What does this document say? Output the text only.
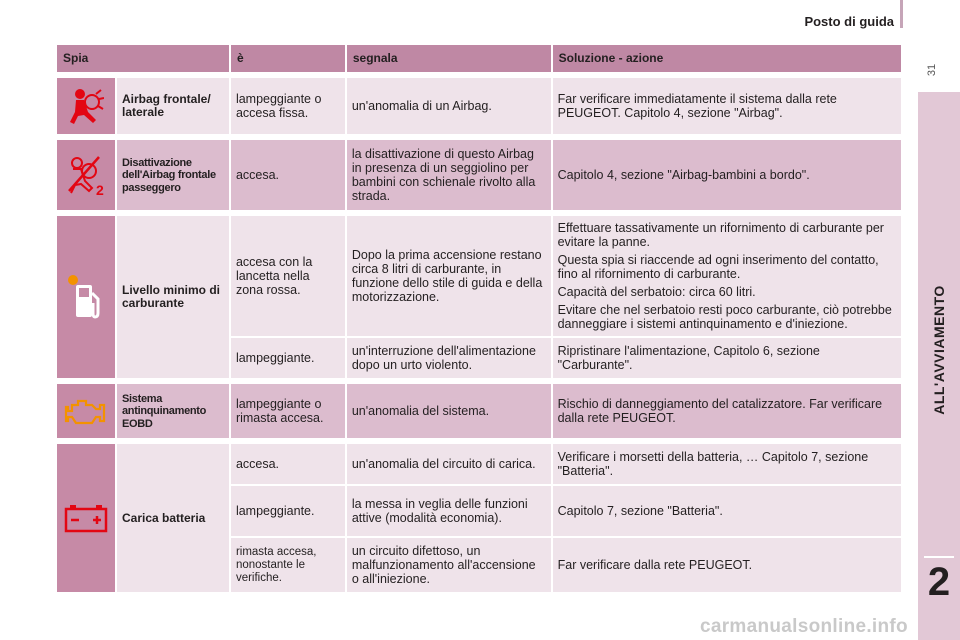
Posto di guida
31
ALL'AVVIAMENTO
2
Spia		è	segnala	Soluzione - azione
	Airbag frontale/ laterale	lampeggiante o accesa fissa.	un'anomalia di un Airbag.	Far verificare immediatamente il sistema dalla rete PEUGEOT. Capitolo 4, sezione "Airbag".

2	Disattivazione dell'Airbag frontale passeggero	accesa.	la disattivazione di questo Airbag in presenza di un seggiolino per bambini con schienale rivolto alla strada.	Capitolo 4, sezione "Airbag-bambini a bordo".
	Livello minimo di carburante	accesa con la lancetta nella zona rossa.	Dopo la prima accensione restano circa 8 litri di carburante, in funzione dello stile di guida e della motorizzazione.	Effettuare tassativamente un rifornimento di carburante per evitare la panne.
Questa spia si riaccende ad ogni inserimento del contatto, fino al rifornimento di carburante.
Capacità del serbatoio: circa 60 litri.
Evitare che nel serbatoio resti poco carburante, ciò potrebbe danneggiare i sistemi antinquinamento e d'iniezione.

		lampeggiante.	un'interruzione dell'alimentazione dopo un urto violento.	Ripristinare l'alimentazione, Capitolo 6, sezione "Carburante".
	Sistema antinquinamento EOBD	lampeggiante o rimasta accesa.	un'anomalia del sistema.	Rischio di danneggiamento del catalizzatore. Far verificare dalla rete PEUGEOT.
	Carica batteria	accesa.	un'anomalia del circuito di carica.	Verificare i morsetti della batteria, … Capitolo 7, sezione "Batteria".
		lampeggiante.	la messa in veglia delle funzioni attive (modalità economia).	Capitolo 7, sezione "Batteria".
		rimasta accesa, nonostante le verifiche.	un circuito difettoso, un malfunzionamento all'accensione o all'iniezione.	Far verificare dalla rete PEUGEOT.
carmanualsonline.info
